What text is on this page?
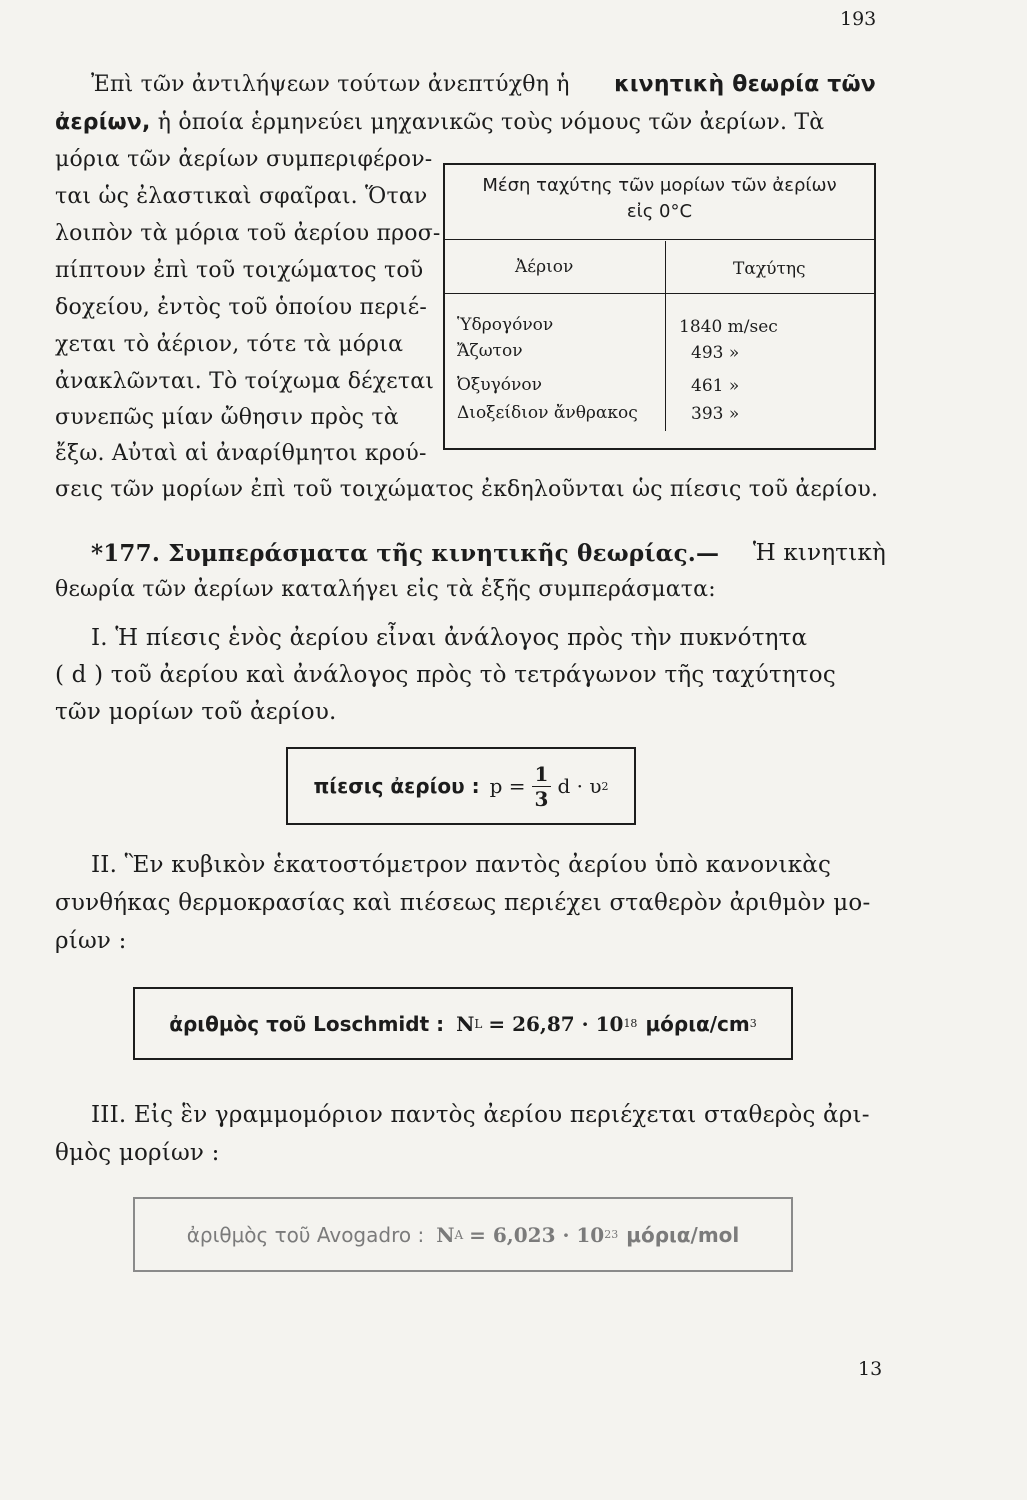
193
Ἐπὶ τῶν ἀντιλήψεων τούτων ἀνεπτύχθη ἡ κινητικὴ θεωρία τῶν
ἀερίων, ἡ ὁποία ἑρμηνεύει μηχανικῶς τοὺς νόμους τῶν ἀερίων. Τὰ
μόρια τῶν ἀερίων συμπεριφέρον-
ται ὡς ἐλαστικαὶ σφαῖραι. Ὅταν
λοιπὸν τὰ μόρια τοῦ ἀερίου προσ-
πίπτουν ἐπὶ τοῦ τοιχώματος τοῦ
δοχείου, ἐντὸς τοῦ ὁποίου περιέ-
χεται τὸ ἀέριον, τότε τὰ μόρια
ἀνακλῶνται. Τὸ τοίχωμα δέχεται
συνεπῶς μίαν ὤθησιν πρὸς τὰ
ἔξω. Αὐταὶ αἱ ἀναρίθμητοι κρού-
σεις τῶν μορίων ἐπὶ τοῦ τοιχώματος ἐκδηλοῦνται ὡς πίεσις τοῦ ἀερίου.
Μέση ταχύτης τῶν μορίων τῶν ἀερίων
εἰς 0°C
Ἀέριον	Ταχύτης
Ὑδρογόνον	1840 m/sec
Ἄζωτον	493 »
Ὀξυγόνον	461 »
Διοξείδιον ἄνθρακος	393 »
*177. Συμπεράσματα τῆς κινητικῆς θεωρίας.— Ἡ κινητικὴ
θεωρία τῶν ἀερίων καταλήγει εἰς τὰ ἑξῆς συμπεράσματα:
I. Ἡ πίεσις ἑνὸς ἀερίου εἶναι ἀνάλογος πρὸς τὴν πυκνότητα
( d ) τοῦ ἀερίου καὶ ἀνάλογος πρὸς τὸ τετράγωνον τῆς ταχύτητος
τῶν μορίων τοῦ ἀερίου.
πίεσις ἀερίου : $p = \frac{1}{3}$ d · υ 2
II. Ἓν κυβικὸν ἑκατοστόμετρον παντὸς ἀερίου ὑπὸ κανονικὰς
συνθήκας θερμοκρασίας καὶ πιέσεως περιέχει σταθερὸν ἀριθμὸν μο-
ρίων :
ἀριθμὸς τοῦ Loschmidt : N L = 26,87 · 10 18 μόρια/cm 3
III. Εἰς ἓν γραμμομόριον παντὸς ἀερίου περιέχεται σταθερὸς ἀρι-
θμὸς μορίων :
ἀριθμὸς τοῦ Avogadro : N A = 6,023 · 10 23 μόρια/mol
13
